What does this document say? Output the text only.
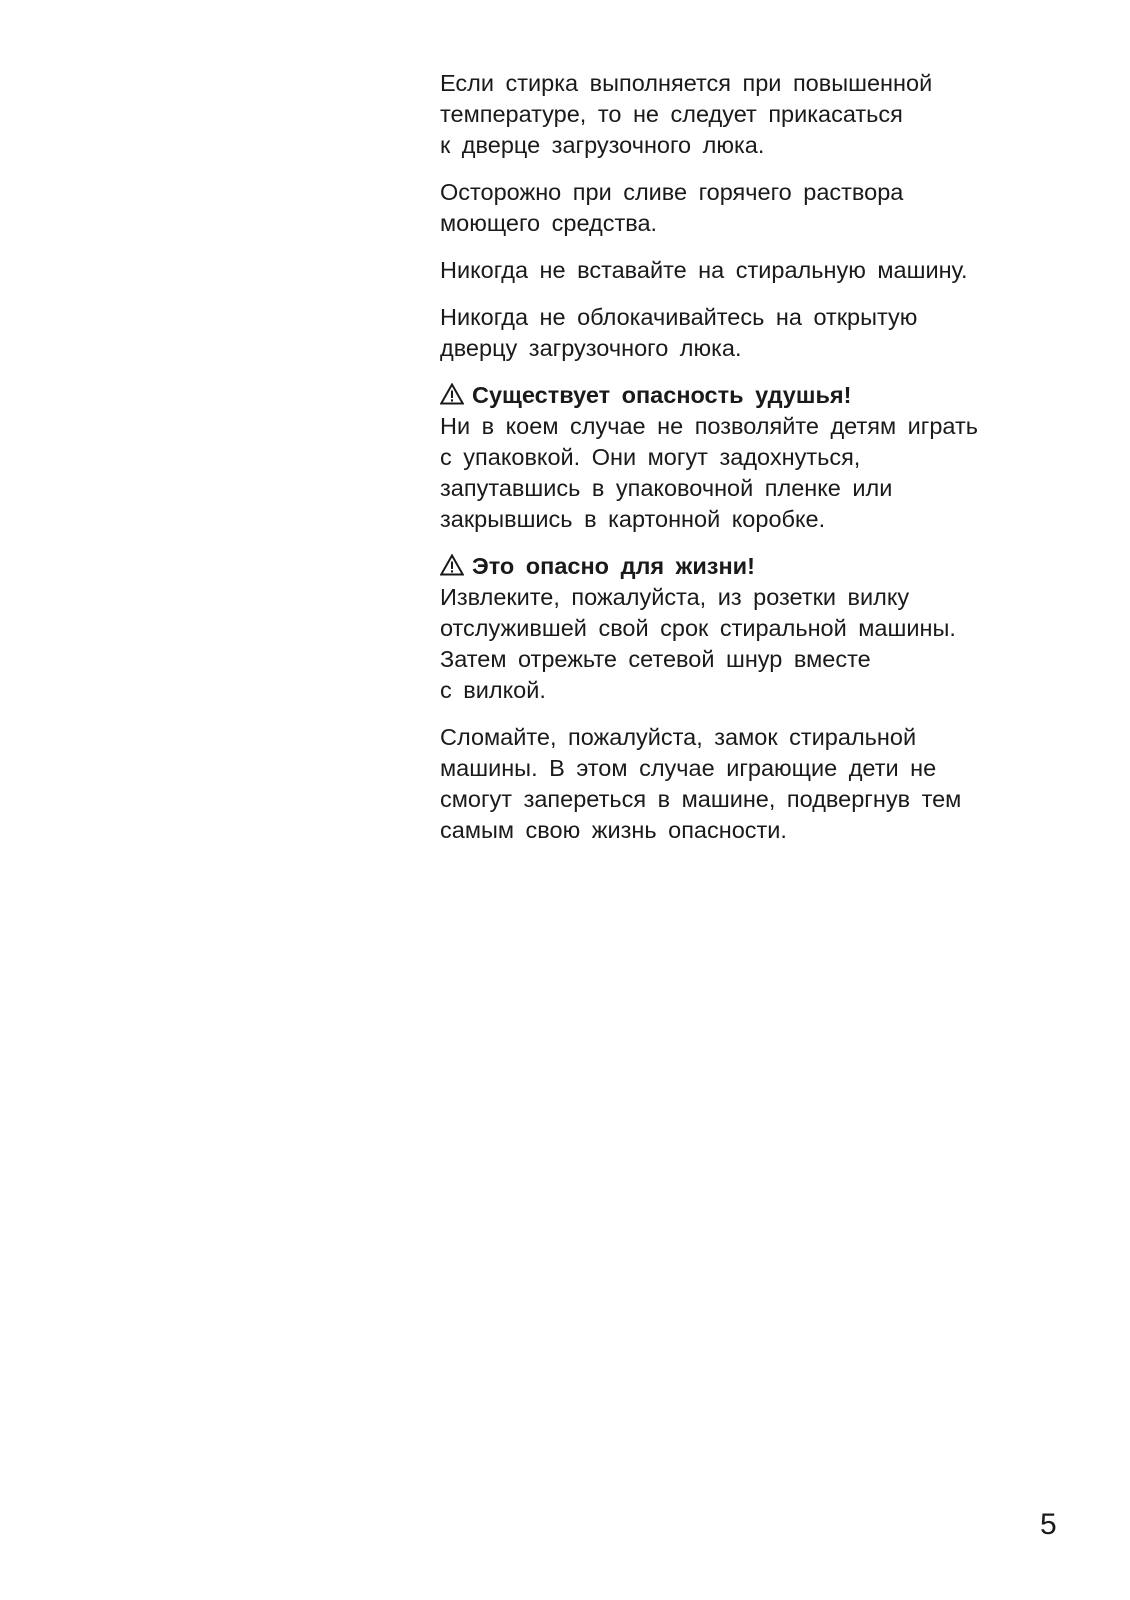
Если стирка выполняется при повышенной
температуре, то не следует прикасаться
к дверце загрузочного люка.

Осторожно при сливе горячего раствора
моющего средства.

Никогда не вставайте на стиральную машину.

Никогда не облокачивайтесь на открытую
дверцу загрузочного люка.

Существует опасность удушья!

Ни в коем случае не позволяйте детям играть
с упаковкой. Они могут задохнуться,
запутавшись в упаковочной пленке или
закрывшись в картонной коробке.

Это опасно для жизни!

Извлеките, пожалуйста, из розетки вилку
отслужившей свой срок стиральной машины.
Затем отрежьте сетевой шнур вместе
с вилкой.

Сломайте, пожалуйста, замок стиральной
машины. В этом случае играющие дети не
смогут запереться в машине, подвергнув тем
самым свою жизнь опасности.

5
